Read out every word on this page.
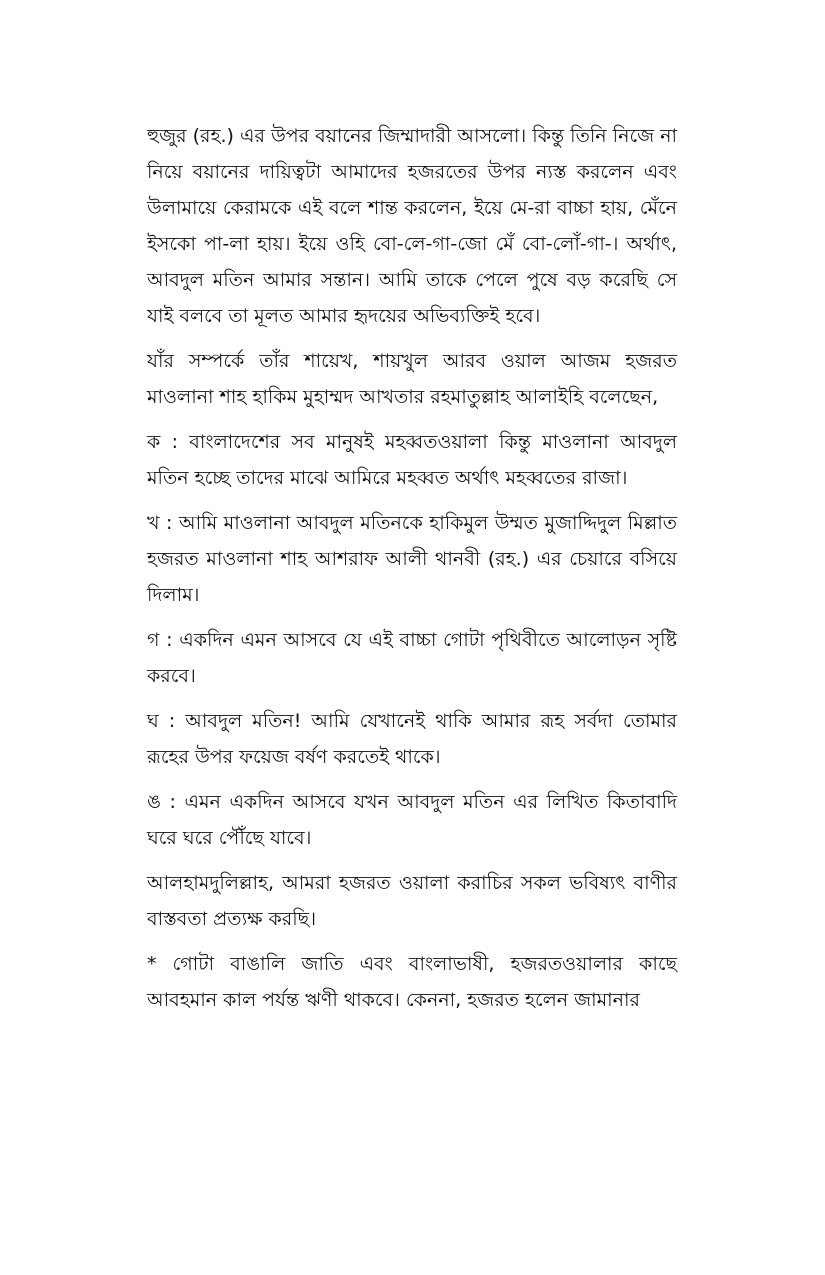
হুজুর (রহ.) এর উপর বয়ানের জিম্মাদারী আসলো। কিন্তু তিনি নিজে না নিয়ে বয়ানের দায়িত্বটা আমাদের হজরতের উপর ন্যস্ত করলেন এবং উলামায়ে কেরামকে এই বলে শান্ত করলেন, ইয়ে মে-রা বাচ্চা হায়, মেঁনে ইসকো পা-লা হায়। ইয়ে ওহি বো-লে-গা-জো মেঁ বো-লোঁ-গা-। অর্থাৎ, আবদুল মতিন আমার সন্তান। আমি তাকে পেলে পুষে বড় করেছি সে যাই বলবে তা মূলত আমার হৃদয়ের অভিব্যক্তিই হবে।

যাঁর সম্পর্কে তাঁর শায়েখ, শায়খুল আরব ওয়াল আজম হজরত মাওলানা শাহ হাকিম মুহাম্মদ আখতার রহমাতুল্লাহ আলাইহি বলেছেন,

ক : বাংলাদেশের সব মানুষই মহব্বতওয়ালা কিন্তু মাওলানা আবদুল মতিন হচ্ছে তাদের মাঝে আমিরে মহব্বত অর্থাৎ মহব্বতের রাজা।

খ : আমি মাওলানা আবদুল মতিনকে হাকিমুল উম্মত মুজাদ্দিদুল মিল্লাত হজরত মাওলানা শাহ আশরাফ আলী থানবী (রহ.) এর চেয়ারে বসিয়ে দিলাম।

গ : একদিন এমন আসবে যে এই বাচ্চা গোটা পৃথিবীতে আলোড়ন সৃষ্টি করবে।

ঘ : আবদুল মতিন! আমি যেখানেই থাকি আমার রূহ সর্বদা তোমার রূহের উপর ফয়েজ বর্ষণ করতেই থাকে।

ঙ : এমন একদিন আসবে যখন আবদুল মতিন এর লিখিত কিতাবাদি ঘরে ঘরে পৌঁছে যাবে।

আলহামদুলিল্লাহ, আমরা হজরত ওয়ালা করাচির সকল ভবিষ্যৎ বাণীর বাস্তবতা প্রত্যক্ষ করছি।

* গোটা বাঙালি জাতি এবং বাংলাভাষী, হজরতওয়ালার কাছে আবহমান কাল পর্যন্ত ঋণী থাকবে। কেননা, হজরত হলেন জামানার
